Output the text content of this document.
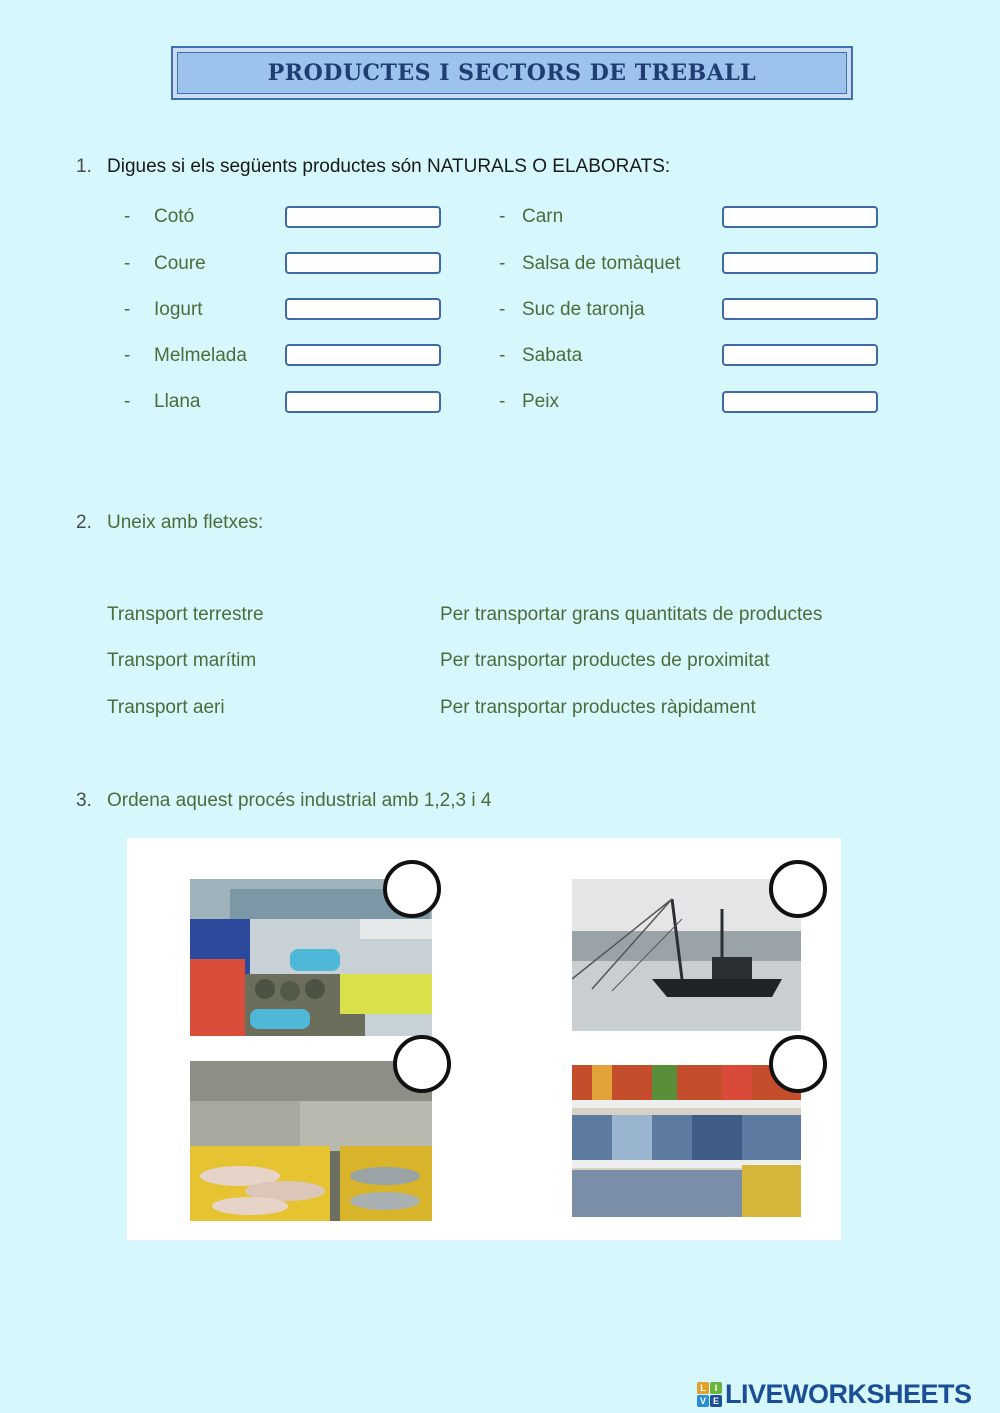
PRODUCTES I SECTORS DE TREBALL
1. Digues si els següents productes són NATURALS O ELABORATS:
- Cotó
- Coure
- Iogurt
- Melmelada
- Llana
- Carn
- Salsa de tomàquet
- Suc de taronja
- Sabata
- Peix
2. Uneix amb fletxes:
Transport terrestre
Transport marítim
Transport aeri
Per transportar grans quantitats de productes
Per transportar productes de proximitat
Per transportar productes ràpidament
3. Ordena aquest procés industrial amb 1,2,3 i 4
L I
V E LIVEWORKSHEETS
